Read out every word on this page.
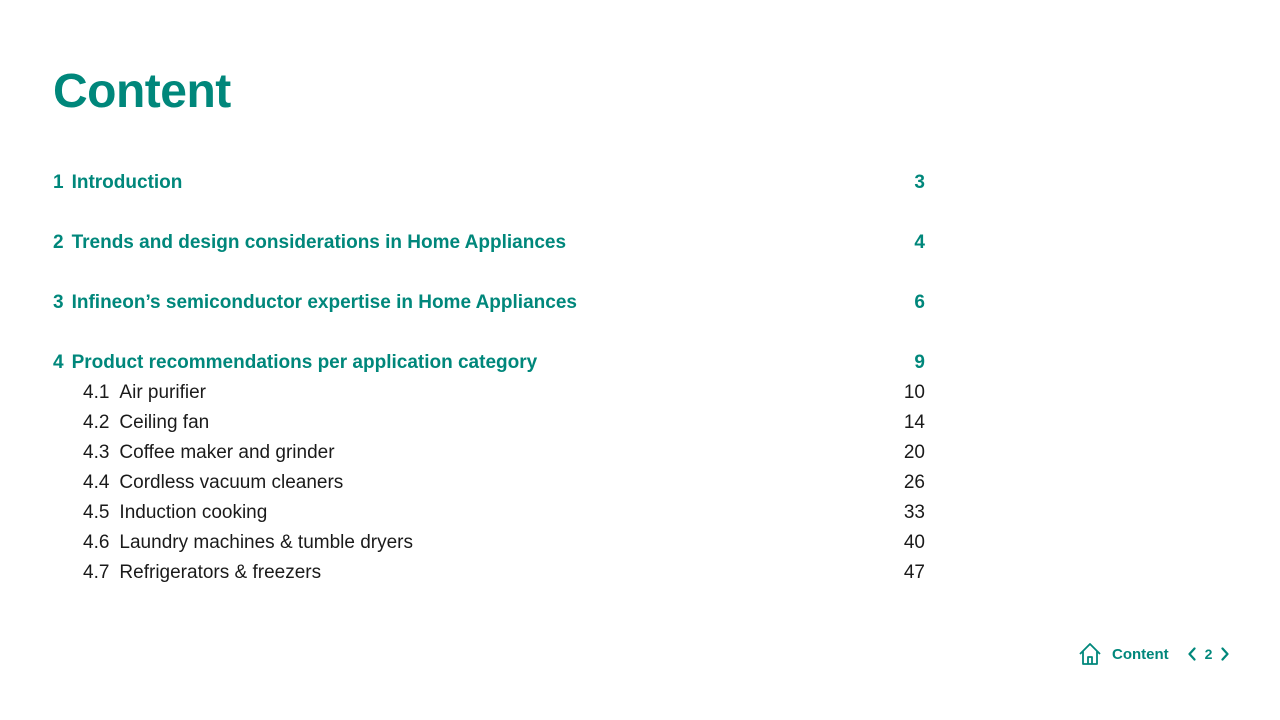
Content
1 Introduction	3
2 Trends and design considerations in Home Appliances	4
3 Infineon’s semiconductor expertise in Home Appliances	6
4 Product recommendations per application category	9
4.1 Air purifier	10
4.2 Ceiling fan	14
4.3 Coffee maker and grinder	20
4.4 Cordless vacuum cleaners	26
4.5 Induction cooking	33
4.6 Laundry machines & tumble dryers	40
4.7 Refrigerators & freezers	47
Content	2
